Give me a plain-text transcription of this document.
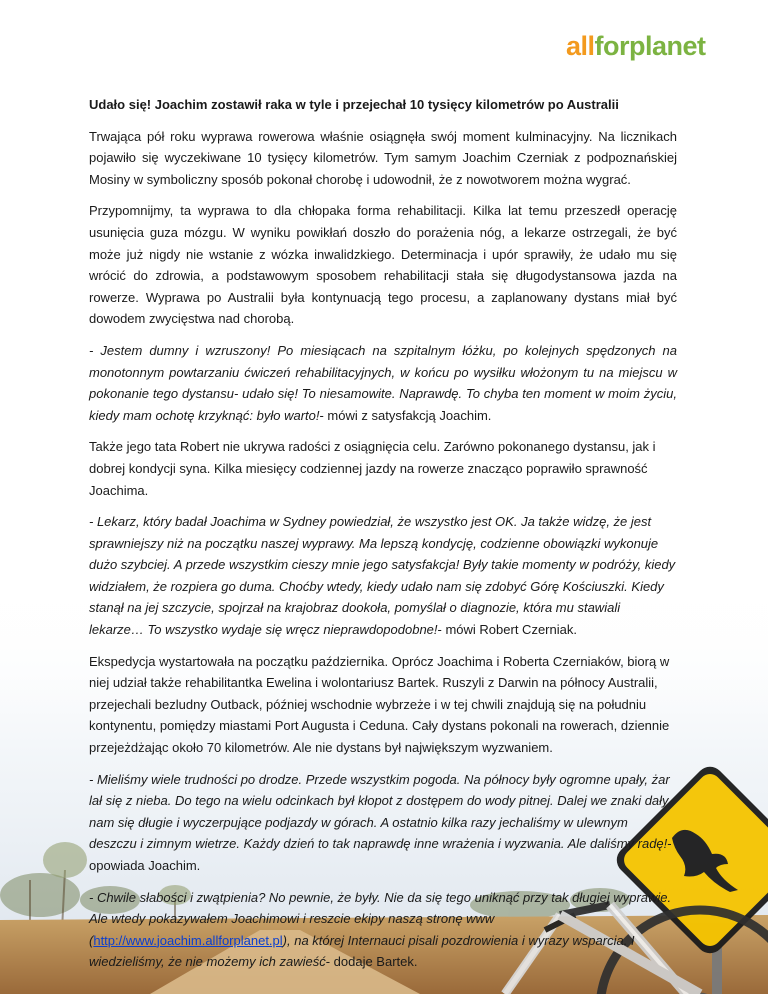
allforplanet

Udało się! Joachim zostawił raka w tyle i przejechał 10 tysięcy kilometrów po Australii

Trwająca pół roku wyprawa rowerowa właśnie osiągnęła swój moment kulminacyjny. Na licznikach pojawiło się wyczekiwane 10 tysięcy kilometrów. Tym samym Joachim Czerniak z podpoznańskiej Mosiny w symboliczny sposób pokonał chorobę i udowodnił, że z nowotworem można wygrać.

Przypomnijmy, ta wyprawa to dla chłopaka forma rehabilitacji. Kilka lat temu przeszedł operację usunięcia guza mózgu. W wyniku powikłań doszło do porażenia nóg, a lekarze ostrzegali, że być może już nigdy nie wstanie z wózka inwalidzkiego. Determinacja i upór sprawiły, że udało mu się wrócić do zdrowia, a podstawowym sposobem rehabilitacji stała się długodystansowa jazda na rowerze. Wyprawa po Australii była kontynuacją tego procesu, a zaplanowany dystans miał być dowodem zwycięstwa nad chorobą.

- Jestem dumny i wzruszony! Po miesiącach na szpitalnym łóżku, po kolejnych spędzonych na monotonnym powtarzaniu ćwiczeń rehabilitacyjnych, w końcu po wysiłku włożonym tu na miejscu w pokonanie tego dystansu- udało się! To niesamowite. Naprawdę. To chyba ten moment w moim życiu, kiedy mam ochotę krzyknąć: było warto!- mówi z satysfakcją Joachim.

Także jego tata Robert nie ukrywa radości z osiągnięcia celu. Zarówno pokonanego dystansu, jak i dobrej kondycji syna. Kilka miesięcy codziennej jazdy na rowerze znacząco poprawiło sprawność Joachima.

- Lekarz, który badał Joachima w Sydney powiedział, że wszystko jest OK. Ja także widzę, że jest sprawniejszy niż na początku naszej wyprawy. Ma lepszą kondycję, codzienne obowiązki wykonuje dużo szybciej. A przede wszystkim cieszy mnie jego satysfakcja! Były takie momenty w podróży, kiedy widziałem, że rozpiera go duma. Choćby wtedy, kiedy udało nam się zdobyć Górę Kościuszki. Kiedy stanął na jej szczycie, spojrzał na krajobraz dookoła, pomyślał o diagnozie, która mu stawiali lekarze… To wszystko wydaje się wręcz nieprawdopodobne!- mówi Robert Czerniak.

Ekspedycja wystartowała na początku października. Oprócz Joachima i Roberta Czerniaków, biorą w niej udział także rehabilitantka Ewelina i wolontariusz Bartek. Ruszyli z Darwin na północy Australii, przejechali bezludny Outback, później wschodnie wybrzeże i w tej chwili znajdują się na południu kontynentu, pomiędzy miastami Port Augusta i Ceduna. Cały dystans pokonali na rowerach, dziennie przejeżdżając około 70 kilometrów. Ale nie dystans był największym wyzwaniem.

- Mieliśmy wiele trudności po drodze. Przede wszystkim pogoda. Na północy były ogromne upały, żar lał się z nieba. Do tego na wielu odcinkach był kłopot z dostępem do wody pitnej. Dalej we znaki dały nam się długie i wyczerpujące podjazdy w górach. A ostatnio kilka razy jechaliśmy w ulewnym deszczu i zimnym wietrze. Każdy dzień to tak naprawdę inne wrażenia i wyzwania. Ale daliśmy radę!- opowiada Joachim.

- Chwile słabości i zwątpienia? No pewnie, że były. Nie da się tego uniknąć przy tak długiej wyprawie. Ale wtedy pokazywałem Joachimowi i reszcie ekipy naszą stronę www (http://www.joachim.allforplanet.pl), na której Internauci pisali pozdrowienia i wyrazy wsparcia. I wiedzieliśmy, że nie możemy ich zawieść- dodaje Bartek.
